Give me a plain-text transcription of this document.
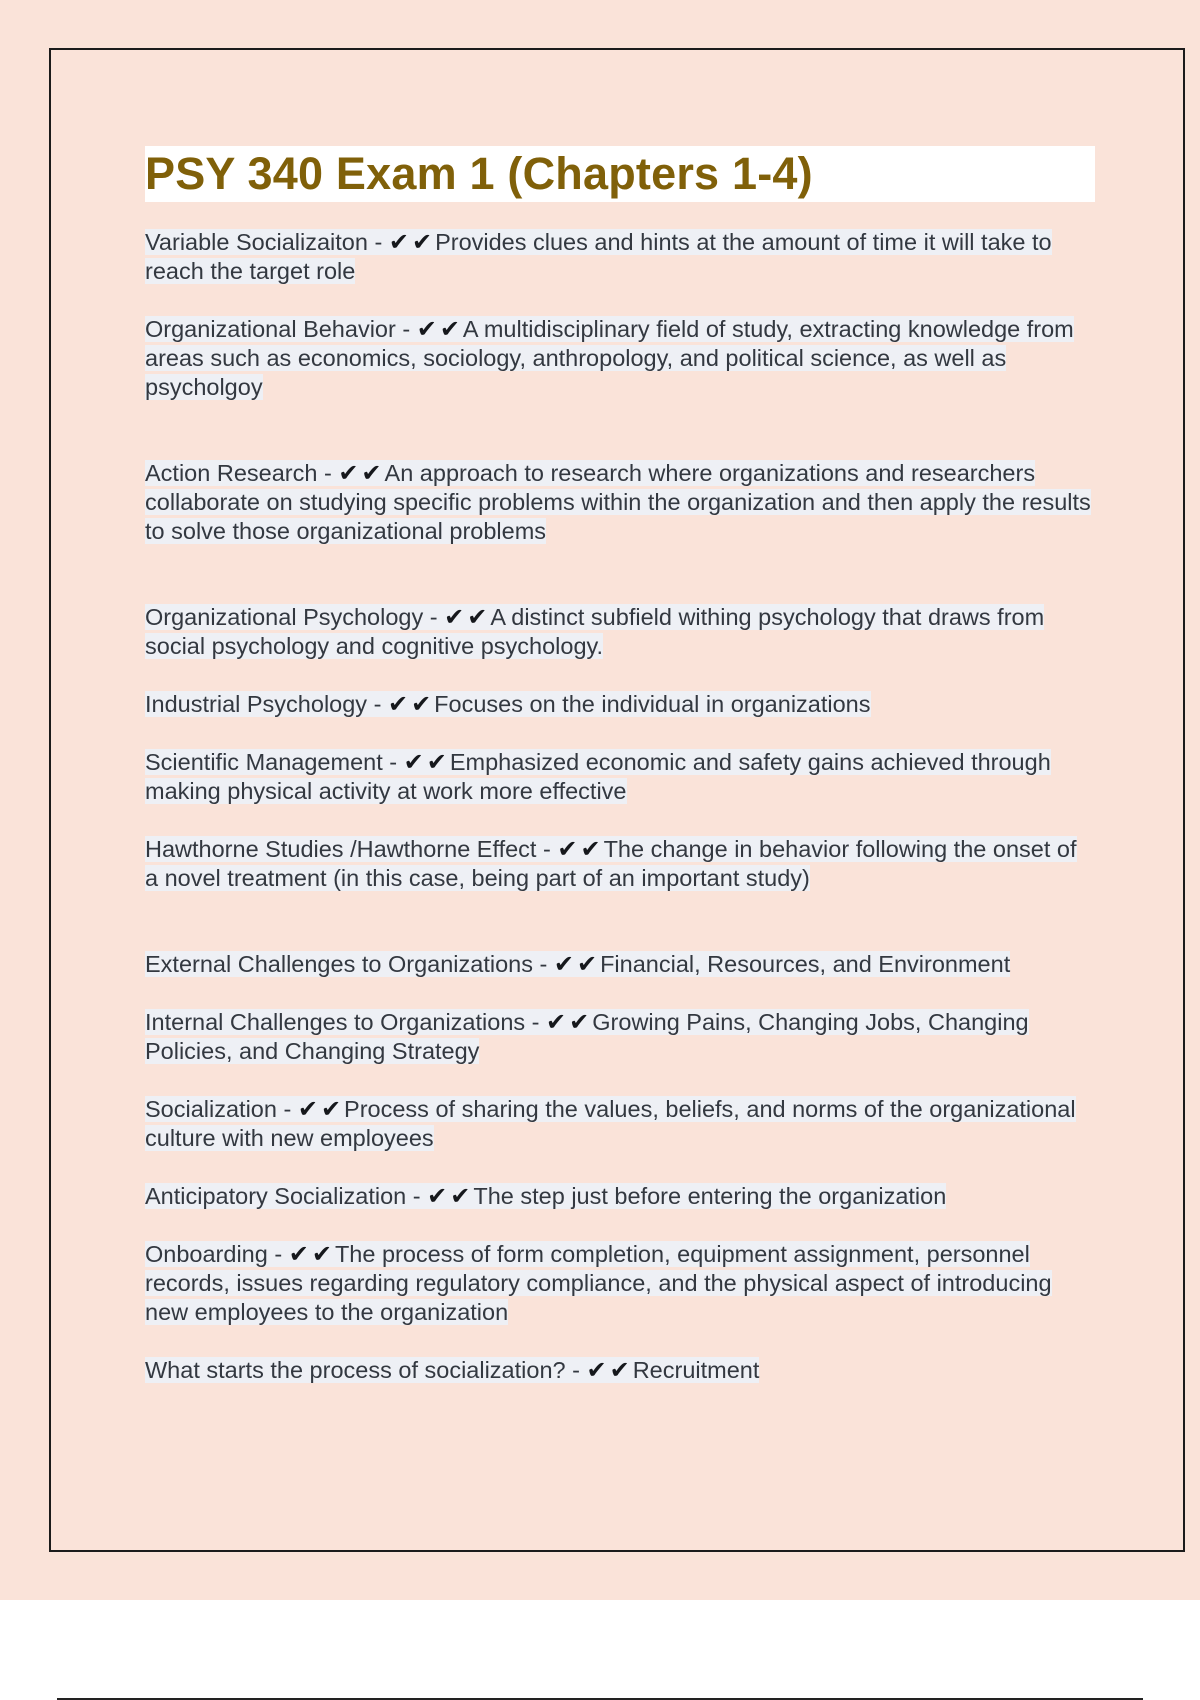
PSY 340 Exam 1 (Chapters 1-4)

Variable Socializaiton - ✔ ✔ Provides clues and hints at the amount of time it will take to reach the target role

Organizational Behavior - ✔ ✔ A multidisciplinary field of study, extracting knowledge from areas such as economics, sociology, anthropology, and political science, as well as psycholgoy

Action Research - ✔ ✔ An approach to research where organizations and researchers collaborate on studying specific problems within the organization and then apply the results to solve those organizational problems

Organizational Psychology - ✔ ✔ A distinct subfield withing psychology that draws from social psychology and cognitive psychology.

Industrial Psychology - ✔ ✔ Focuses on the individual in organizations

Scientific Management - ✔ ✔ Emphasized economic and safety gains achieved through making physical activity at work more effective

Hawthorne Studies /Hawthorne Effect - ✔ ✔ The change in behavior following the onset of a novel treatment (in this case, being part of an important study)

External Challenges to Organizations - ✔ ✔ Financial, Resources, and Environment

Internal Challenges to Organizations - ✔ ✔ Growing Pains, Changing Jobs, Changing Policies, and Changing Strategy

Socialization - ✔ ✔ Process of sharing the values, beliefs, and norms of the organizational culture with new employees

Anticipatory Socialization - ✔ ✔ The step just before entering the organization

Onboarding - ✔ ✔ The process of form completion, equipment assignment, personnel records, issues regarding regulatory compliance, and the physical aspect of introducing new employees to the organization

What starts the process of socialization? - ✔ ✔ Recruitment
